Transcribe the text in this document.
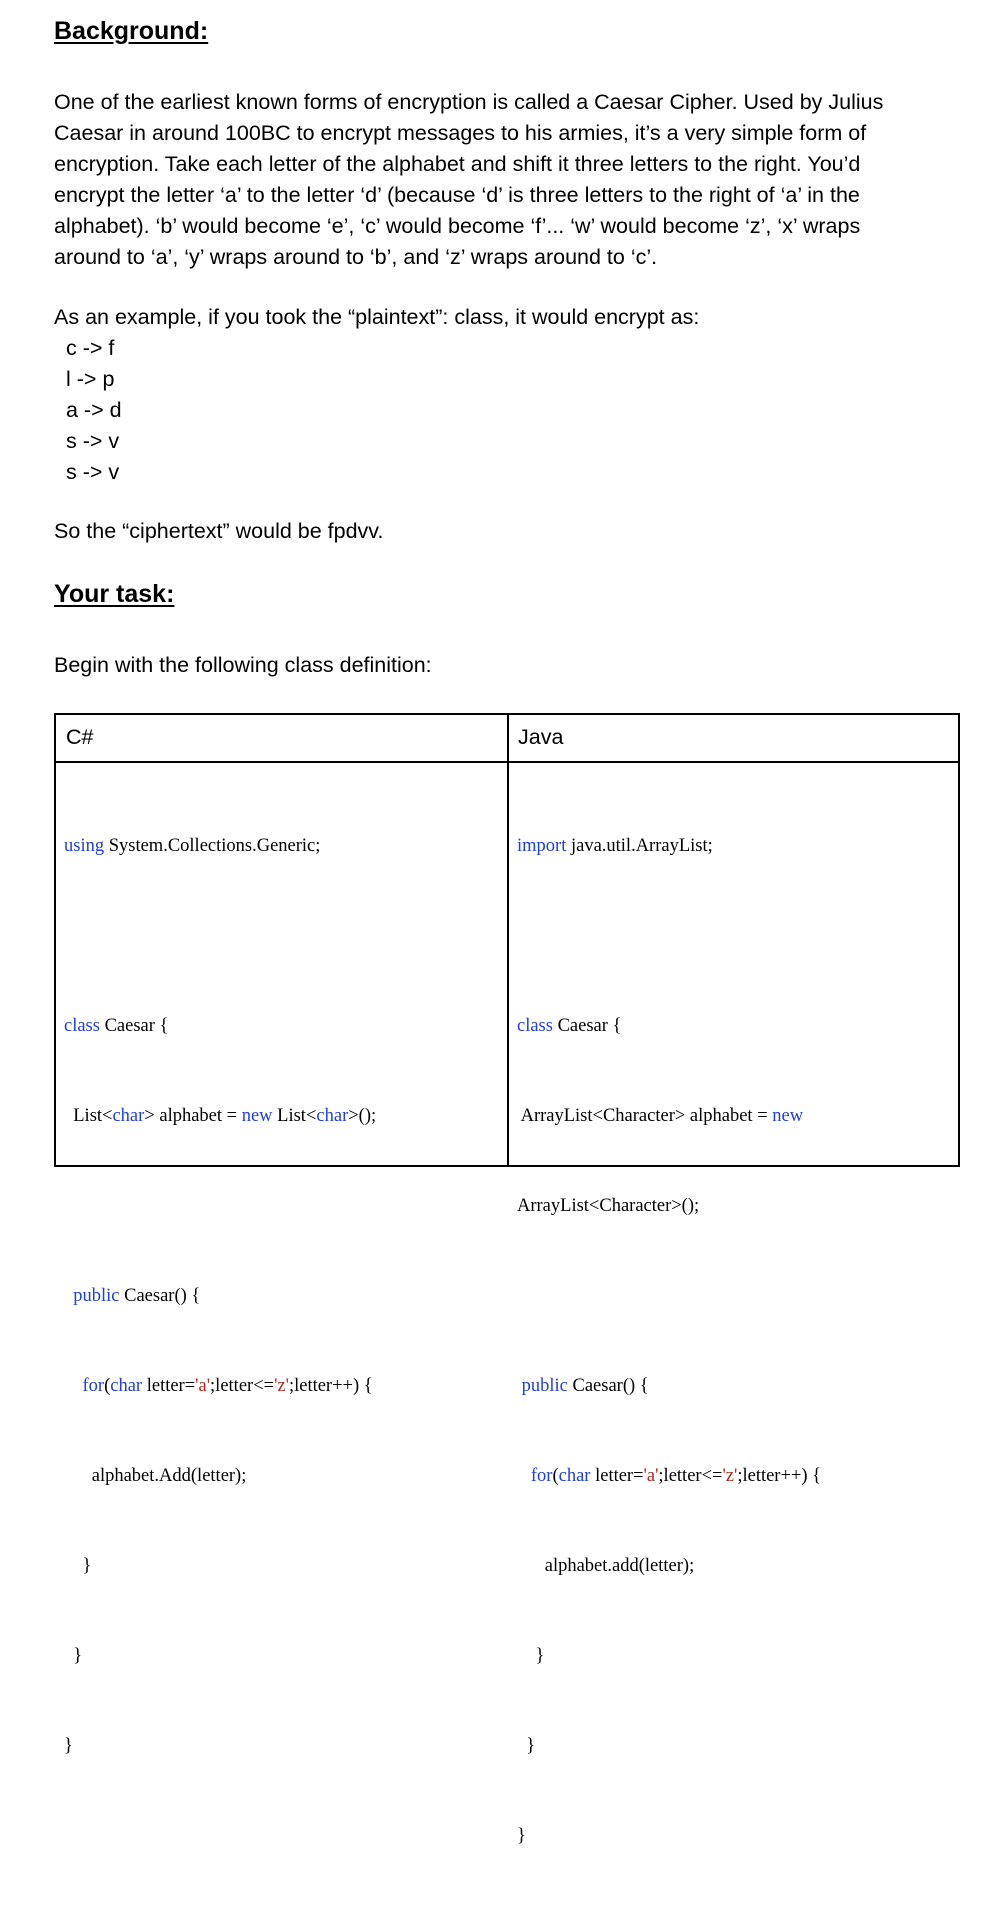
Background:
One of the earliest known forms of encryption is called a Caesar Cipher. Used by Julius
Caesar in around 100BC to encrypt messages to his armies, it’s a very simple form of
encryption. Take each letter of the alphabet and shift it three letters to the right. You’d
encrypt the letter ‘a’ to the letter ‘d’ (because ‘d’ is three letters to the right of ‘a’ in the
alphabet). ‘b’ would become ‘e’, ‘c’ would become ‘f’... ‘w’ would become ‘z’, ‘x’ wraps
around to ‘a’, ‘y’ wraps around to ‘b’, and ‘z’ wraps around to ‘c’.
As an example, if you took the “plaintext”: class, it would encrypt as:
c -> f
l -> p
a -> d
s -> v
s -> v
So the “ciphertext” would be fpdvv.
Your task:
Begin with the following class definition:
C#	Java

using System.Collections.Generic;

class Caesar {

List<char> alphabet = new List<char>();

public Caesar() {

for(char letter='a';letter<='z';letter++) {

alphabet.Add(letter);

}

}

}

import java.util.ArrayList;

class Caesar {

ArrayList<Character> alphabet = new

ArrayList<Character>();

public Caesar() {

for(char letter='a';letter<='z';letter++) {

alphabet.add(letter);

}

}

}
